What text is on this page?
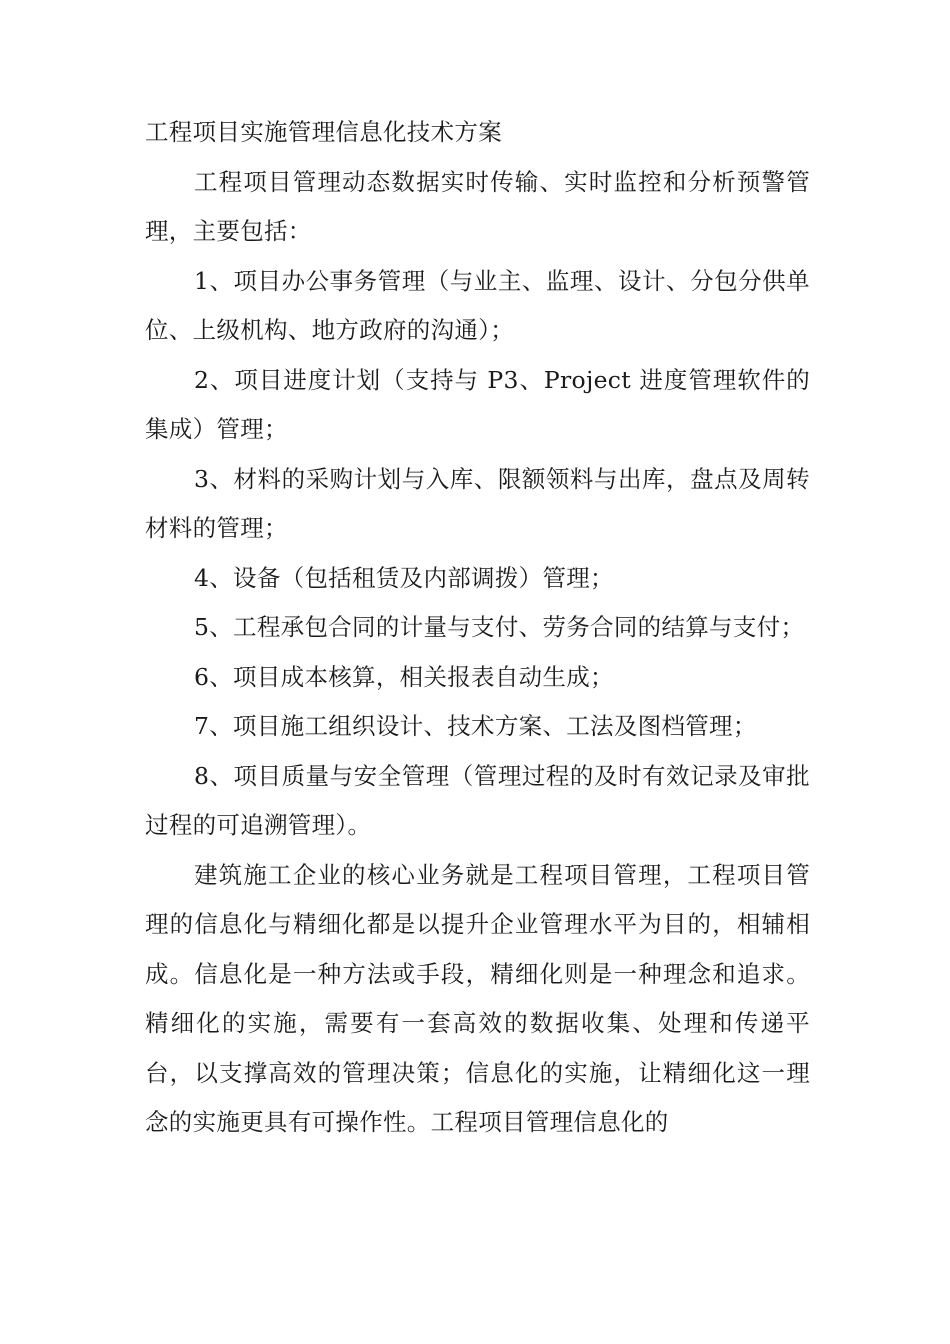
工程项目实施管理信息化技术方案

工程项目管理动态数据实时传输、实时监控和分析预警管理，主要包括：

1、项目办公事务管理（与业主、监理、设计、分包分供单位、上级机构、地方政府的沟通）；

2、项目进度计划（支持与 P3、Project 进度管理软件的集成）管理；

3、材料的采购计划与入库、限额领料与出库，盘点及周转材料的管理；

4、设备（包括租赁及内部调拨）管理；

5、工程承包合同的计量与支付、劳务合同的结算与支付；

6、项目成本核算，相关报表自动生成；

7、项目施工组织设计、技术方案、工法及图档管理；

8、项目质量与安全管理（管理过程的及时有效记录及审批过程的可追溯管理）。

建筑施工企业的核心业务就是工程项目管理，工程项目管理的信息化与精细化都是以提升企业管理水平为目的，相辅相成。信息化是一种方法或手段，精细化则是一种理念和追求。精细化的实施，需要有一套高效的数据收集、处理和传递平台，以支撑高效的管理决策；信息化的实施，让精细化这一理念的实施更具有可操作性。工程项目管理信息化的
